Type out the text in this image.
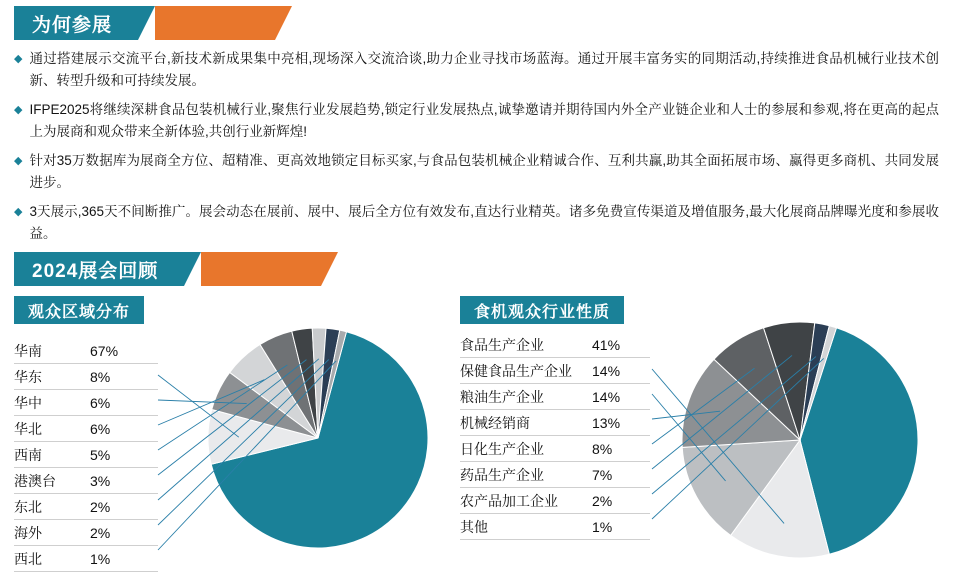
为何参展
◆ 通过搭建展示交流平台,新技术新成果集中亮相,现场深入交流洽谈,助力企业寻找市场蓝海。通过开展丰富务实的同期活动,持续推进食品机械行业技术创新、转型升级和可持续发展。
◆ IFPE2025将继续深耕食品包装机械行业,聚焦行业发展趋势,锁定行业发展热点,诚挚邀请并期待国内外全产业链企业和人士的参展和参观,将在更高的起点上为展商和观众带来全新体验,共创行业新辉煌!
◆ 针对35万数据库为展商全方位、超精准、更高效地锁定目标买家,与食品包装机械企业精诚合作、互利共赢,助其全面拓展市场、赢得更多商机、共同发展进步。
◆ 3天展示,365天不间断推广。展会动态在展前、展中、展后全方位有效发布,直达行业精英。诸多免费宣传渠道及增值服务,最大化展商品牌曝光度和参展收益。
2024展会回顾
观众区域分布	食机观众行业性质
华南	67%
华东	8%
华中	6%
华北	6%
西南	5%
港澳台	3%
东北	2%
海外	2%
西北	1%
食品生产企业	41%
保健食品生产企业	14%
粮油生产企业	14%
机械经销商	13%
日化生产企业	8%
药品生产企业	7%
农产品加工企业	2%
其他	1%
